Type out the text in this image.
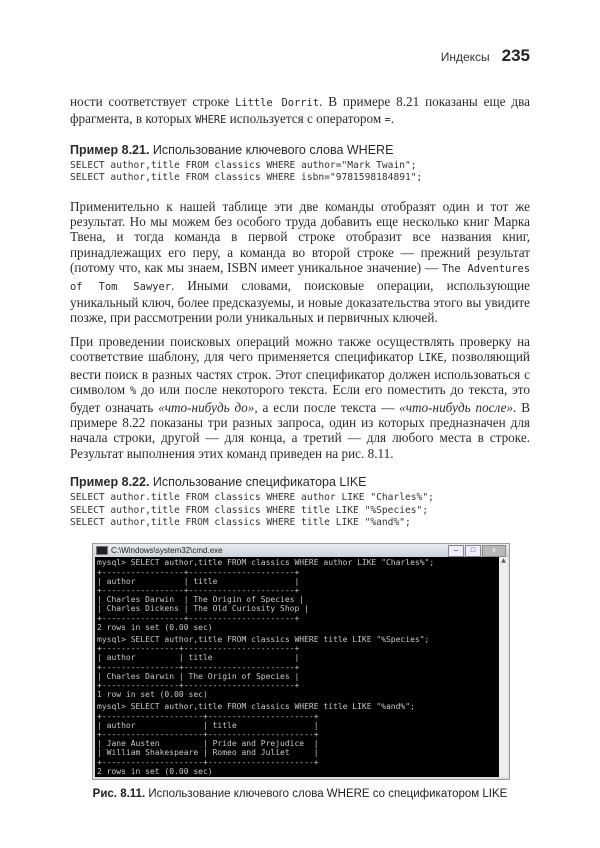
Индексы 235

ности соответствует строке Little Dorrit. В примере 8.21 показаны еще два фрагмента, в которых WHERE используется с оператором =.

Пример 8.21. Использование ключевого слова WHERE
SELECT author,title FROM classics WHERE author="Mark Twain";
SELECT author,title FROM classics WHERE isbn="9781598184891";

Применительно к нашей таблице эти две команды отобразят один и тот же результат. Но мы можем без особого труда добавить еще несколько книг Марка Твена, и тогда команда в первой строке отобразит все названия книг, принадлежащих его перу, а команда во второй строке — прежний результат (потому что, как мы знаем, ISBN имеет уникальное значение) — The Adventures of Tom Sawyer. Иными словами, поисковые операции, использующие уникальный ключ, более предсказуемы, и новые доказательства этого вы увидите позже, при рассмотрении роли уникальных и первичных ключей.

При проведении поисковых операций можно также осуществлять проверку на соответствие шаблону, для чего применяется спецификатор LIKE, позволяющий вести поиск в разных частях строк. Этот спецификатор должен использоваться с символом % до или после некоторого текста. Если его поместить до текста, это будет означать «что-нибудь до», а если после текста — «что-нибудь после». В примере 8.22 показаны три разных запроса, один из которых предназначен для начала строки, другой — для конца, а третий — для любого места в строке. Результат выполнения этих команд приведен на рис. 8.11.

Пример 8.22. Использование спецификатора LIKE
SELECT author.title FROM classics WHERE author LIKE "Charles%";
SELECT author,title FROM classics WHERE title LIKE "%Species";
SELECT author,title FROM classics WHERE title LIKE "%and%";
C:\Windows\system32\cmd.exe	–	□	x
mysql> SELECT author,title FROM classics WHERE author LIKE "Charles%";
+-----------------+----------------------+
| author          | title                |
+-----------------+----------------------+
| Charles Darwin  | The Origin of Species |
| Charles Dickens | The Old Curiosity Shop |
+-----------------+----------------------+
2 rows in set (0.00 sec)
mysql> SELECT author,title FROM classics WHERE title LIKE "%Species";
+----------------+-----------------------+
| author         | title                 |
+----------------+-----------------------+
| Charles Darwin | The Origin of Species |
+----------------+-----------------------+
1 row in set (0.00 sec)
mysql> SELECT author,title FROM classics WHERE title LIKE "%and%";
+---------------------+----------------------+
| author              | title                |
+---------------------+----------------------+
| Jane Austen         | Pride and Prejudice  |
| William Shakespeare | Romeo and Juliet     |
+---------------------+----------------------+
2 rows in set (0.00 sec)
▲
Рис. 8.11. Использование ключевого слова WHERE со спецификатором LIKE
